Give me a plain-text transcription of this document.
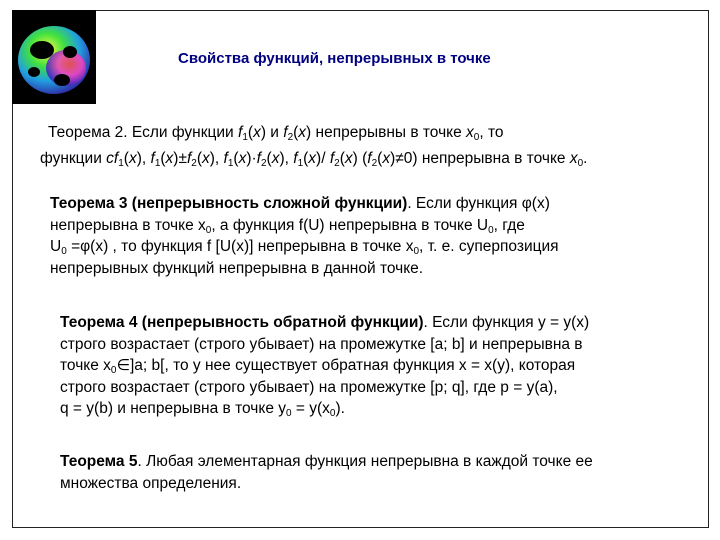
Свойства функций, непрерывных в точке
Теорема 2. Если функции $f_1(x)$ и $f_2(x)$ непрерывны в точке $x_0$, то
функции $cf_1(x)$, $f_1(x)\pm f_2(x)$, $f_1(x)\cdot f_2(x)$, $f_1(x)/$ $f_2(x)$ $(f_2(x)\ne 0)$ непрерывна в точке $x_0$.
Теорема 3 (непрерывность сложной функции). Если функция φ(x)
непрерывна в точке $x_0$, а функция f(U) непрерывна в точке $U_0$, где
$U_0 =\varphi(x)$ , то функция f [U(x)] непрерывна в точке $x_0$, т. е. суперпозиция
непрерывных функций непрерывна в данной точке.
Теорема 4 (непрерывность обратной функции). Если функция y = y(x)
строго возрастает (строго убывает) на промежутке [a; b] и непрерывна в
точке $x_0\in]a$; b[, то у нее существует обратная функция x = x(y), которая
строго возрастает (строго убывает) на промежутке [p; q], где p = y(a),
q = y(b) и непрерывна в точке $y_0 = y(x_0)$.
Теорема 5. Любая элементарная функция непрерывна в каждой точке ее
множества определения.
